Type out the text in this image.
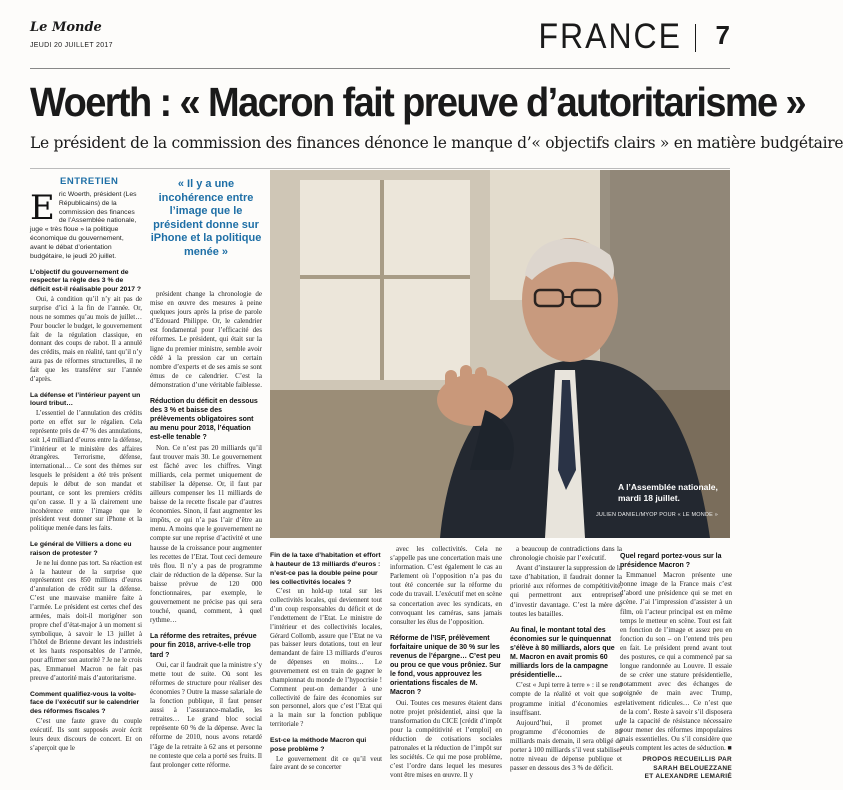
Le Monde
JEUDI 20 JUILLET 2017	FRANCE 7
Woerth : « Macron fait preuve d’autoritarisme »
Le président de la commission des finances dénonce le manque d’« objectifs clairs » en matière budgétaire
ENTRETIEN
Eric Woerth, président (Les Républicains) de la commission des finances de l’Assemblée nationale, juge « très floue » la politique économique du gouvernement, avant le débat d’orientation budgétaire, le jeudi 20 juillet.

L’objectif du gouvernement de respecter la règle des 3 % de déficit est-il réalisable pour 2017 ?

Oui, à condition qu’il n’y ait pas de surprise d’ici à la fin de l’année. Or, nous ne sommes qu’au mois de juillet… Pour boucler le budget, le gouvernement fait de la régulation classique, en donnant des coups de rabot. Il a annulé des crédits, mais en réalité, tant qu’il n’y aura pas de réformes structurelles, il ne fait que les transférer sur l’année d’après.

La défense et l’intérieur payent un lourd tribut…

L’essentiel de l’annulation des crédits porte en effet sur le régalien. Cela représente près de 47 % des annulations, soit 1,4 milliard d’euros entre la défense, l’intérieur et le ministère des affaires étrangères. Terrorisme, défense, international… Ce sont des thèmes sur lesquels le président a été très présent depuis le début de son mandat et pourtant, ce sont les premiers crédits qu’on casse. Il y a là clairement une incohérence entre l’image que le président veut donner sur iPhone et la politique menée dans les faits.

Le général de Villiers a donc eu raison de protester ?

Je ne lui donne pas tort. Sa réaction est à la hauteur de la surprise que représentent ces 850 millions d’euros d’annulation de crédit sur la défense. C’est une mauvaise manière faite à l’armée. Le président est certes chef des armées, mais doit-il morigéner son propre chef d’état-major à un moment si symbolique, à savoir le 13 juillet à l’hôtel de Brienne devant les industriels et les hauts responsables de l’armée, pour affirmer son autorité ? Je ne le crois pas, Emmanuel Macron ne fait pas preuve d’autorité mais d’autoritarisme.

Comment qualifiez-vous la volte-face de l’exécutif sur le calendrier des réformes fiscales ?

C’est une faute grave du couple exécutif. Ils sont supposés avoir écrit leurs deux discours de concert. Et on s’aperçoit que le

« Il y a une incohérence entre l’image que le président donne sur iPhone et la politique menée »

président change la chronologie de mise en œuvre des mesures à peine quelques jours après la prise de parole d’Edouard Philippe. Or, le calendrier est fondamental pour l’efficacité des réformes. Le président, qui était sur la ligne du premier ministre, semble avoir cédé à la pression car un certain nombre d’experts et de ses amis se sont émus de ce calendrier. C’est la démonstration d’une véritable faiblesse.

Réduction du déficit en dessous des 3 % et baisse des prélèvements obligatoires sont au menu pour 2018, l’équation est-elle tenable ?

Non. Ce n’est pas 20 milliards qu’il faut trouver mais 30. Le gouvernement est fâché avec les chiffres. Vingt milliards, cela permet uniquement de stabiliser la dépense. Or, il faut par ailleurs compenser les 11 milliards de baisse de la recette fiscale par d’autres économies. Sinon, il faut augmenter les impôts, ce qui n’a pas l’air d’être au menu. A moins que le gouvernement ne compte sur une reprise d’activité et une hausse de la croissance pour augmenter les recettes de l’Etat. Tout ceci demeure très flou. Il n’y a pas de programme clair de réduction de la dépense. Sur la baisse prévue de 120 000 fonctionnaires, par exemple, le gouvernement ne précise pas qui sera touché, quand, comment, à quel rythme…

La réforme des retraites, prévue pour fin 2018, arrive-t-elle trop tard ?

Oui, car il faudrait que la ministre s’y mette tout de suite. Où sont les réformes de structure pour réaliser des économies ? Outre la masse salariale de la fonction publique, il faut penser aussi à l’assurance-maladie, les retraites… Le grand bloc social représente 60 % de la dépense. Avec la réforme de 2010, nous avons retardé l’âge de la retraite à 62 ans et personne ne conteste que cela a porté ses fruits. Il faut prolonger cette réforme.

A l’Assemblée nationale, mardi 18 juillet.
JULIEN DANIEL/MYOP POUR « LE MONDE »

Fin de la taxe d’habitation et effort à hauteur de 13 milliards d’euros : n’est-ce pas la double peine pour les collectivités locales ?

C’est un hold-up total sur les collectivités locales, qui deviennent tout d’un coup responsables du déficit et de l’endettement de l’Etat. Le ministre de l’intérieur et des collectivités locales, Gérard Collomb, assure que l’Etat ne va pas baisser leurs dotations, tout en leur demandant de faire 13 milliards d’euros de dépenses en moins… Le gouvernement est en train de gagner le championnat du monde de l’hypocrisie ! Comment peut-on demander à une collectivité de faire des économies sur son personnel, alors que c’est l’Etat qui a la main sur la fonction publique territoriale ?

Est-ce la méthode Macron qui pose problème ?

Le gouvernement dit ce qu’il veut faire avant de se concerter

avec les collectivités. Cela ne s’appelle pas une concertation mais une information. C’est également le cas au Parlement où l’opposition n’a pas du tout été concertée sur la réforme du code du travail. L’exécutif met en scène sa concertation avec les syndicats, en convoquant les caméras, sans jamais consulter les élus de l’opposition.

Réforme de l’ISF, prélèvement forfaitaire unique de 30 % sur les revenus de l’épargne… C’est peu ou prou ce que vous prôniez. Sur le fond, vous approuvez les orientations fiscales de M. Macron ?

Oui. Toutes ces mesures étaient dans notre projet présidentiel, ainsi que la transformation du CICE [crédit d’impôt pour la compétitivité et l’emploi] en réduction de cotisations sociales patronales et la réduction de l’impôt sur les sociétés. Ce qui me pose problème, c’est l’ordre dans lequel les mesures vont être mises en œuvre. Il y

a beaucoup de contradictions dans la chronologie choisie par l’exécutif.

Avant d’instaurer la suppression de la taxe d’habitation, il faudrait donner la priorité aux réformes de compétitivité, qui permettront aux entreprises d’investir davantage. C’est la mère de toutes les batailles.

Au final, le montant total des économies sur le quinquennat s’élève à 80 milliards, alors que M. Macron en avait promis 60 milliards lors de la campagne présidentielle…

C’est « Jupi terre à terre » : il se rend compte de la réalité et voit que son programme initial d’économies est insuffisant.

Aujourd’hui, il promet un programme d’économies de 80 milliards mais demain, il sera obligé de porter à 100 milliards s’il veut stabiliser notre niveau de dépense publique et passer en dessous des 3 % de déficit.

Quel regard portez-vous sur la présidence Macron ?

Emmanuel Macron présente une bonne image de la France mais c’est d’abord une présidence qui se met en scène. J’ai l’impression d’assister à un film, où l’acteur principal est en même temps le metteur en scène. Tout est fait en fonction de l’image et assez peu en fonction du son – on l’entend très peu en fait. Le président prend avant tout des postures, ce qui a commencé par sa longue randonnée au Louvre. Il essaie de se créer une stature présidentielle, notamment avec des échanges de poignée de main avec Trump, relativement ridicules… Ce n’est que de la com’. Reste à savoir s’il disposera de la capacité de résistance nécessaire pour mener des réformes impopulaires mais essentielles. Ou s’il considère que seuls comptent les actes de séduction. ■

PROPOS RECUEILLIS PAR
SARAH BELOUEZZANE
ET ALEXANDRE LEMARIÉ
